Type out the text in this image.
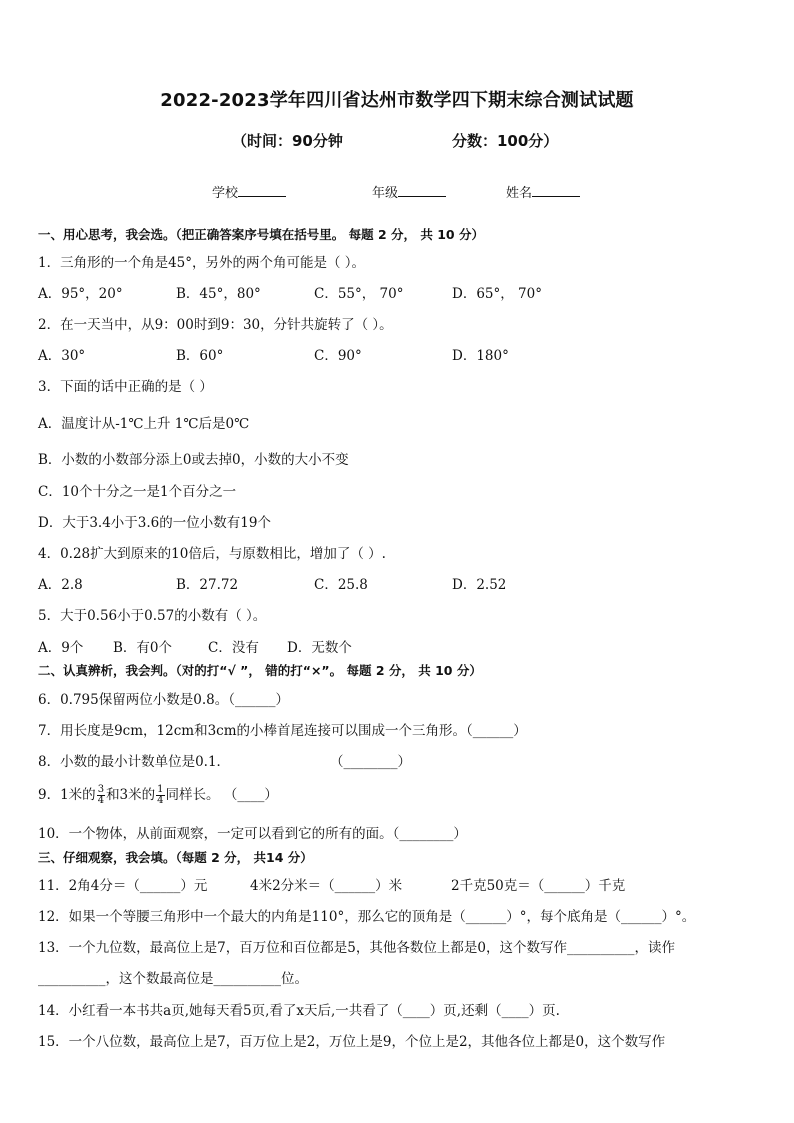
2022-2023学年四川省达州市数学四下期末综合测试试题
（时间：90分钟	分数：100分）
学校	年级	姓名
一、用心思考，我会选。（把正确答案序号填在括号里。 每题 2 分， 共 10 分）
1．三角形的一个角是45°，另外的两个角可能是（ ）。
A．95°，20°	B．45°，80°	C．55°， 70°	D．65°， 70°
2．在一天当中，从9：00时到9：30，分针共旋转了（ ）。
A．30°	B．60°	C．90°	D．180°
3．下面的话中正确的是（ ）
A．温度计从-1℃上升 1℃后是0℃
B．小数的小数部分添上0或去掉0，小数的大小不变
C．10个十分之一是1个百分之一
D．大于3.4小于3.6的一位小数有19个
4．0.28扩大到原来的10倍后，与原数相比，增加了（ ）.
A．2.8	B．27.72	C．25.8	D．2.52
5．大于0.56小于0.57的小数有（ ）。
A．9个 B．有0个	C．没有 D．无数个
二、认真辨析，我会判。（对的打“√ ”， 错的打“×”。 每题 2 分， 共 10 分）
6．0.795保留两位小数是0.8。（______）
7．用长度是9cm，12cm和3cm的小棒首尾连接可以围成一个三角形。（______）
8．小数的最小计数单位是0.1．	（________）
9．1米的 $\frac{3}{4}$ 和3米的 $\frac{1}{4}$ 同样长。 （____）
10．一个物体，从前面观察，一定可以看到它的所有的面。（________）
三、仔细观察，我会填。（每题 2 分， 共14 分）
11．2角4分＝（______）元	4米2分米＝（______）米	2千克50克＝（______）千克
12．如果一个等腰三角形中一个最大的内角是110°，那么它的顶角是（______）°，每个底角是（______）°。
13．一个九位数，最高位上是7，百万位和百位都是5，其他各数位上都是0，这个数写作__________，读作
__________，这个数最高位是__________位。
14．小红看一本书共a页,她每天看5页,看了x天后,一共看了（____）页,还剩（____）页.
15．一个八位数，最高位上是7，百万位上是2，万位上是9，个位上是2，其他各位上都是0，这个数写作
